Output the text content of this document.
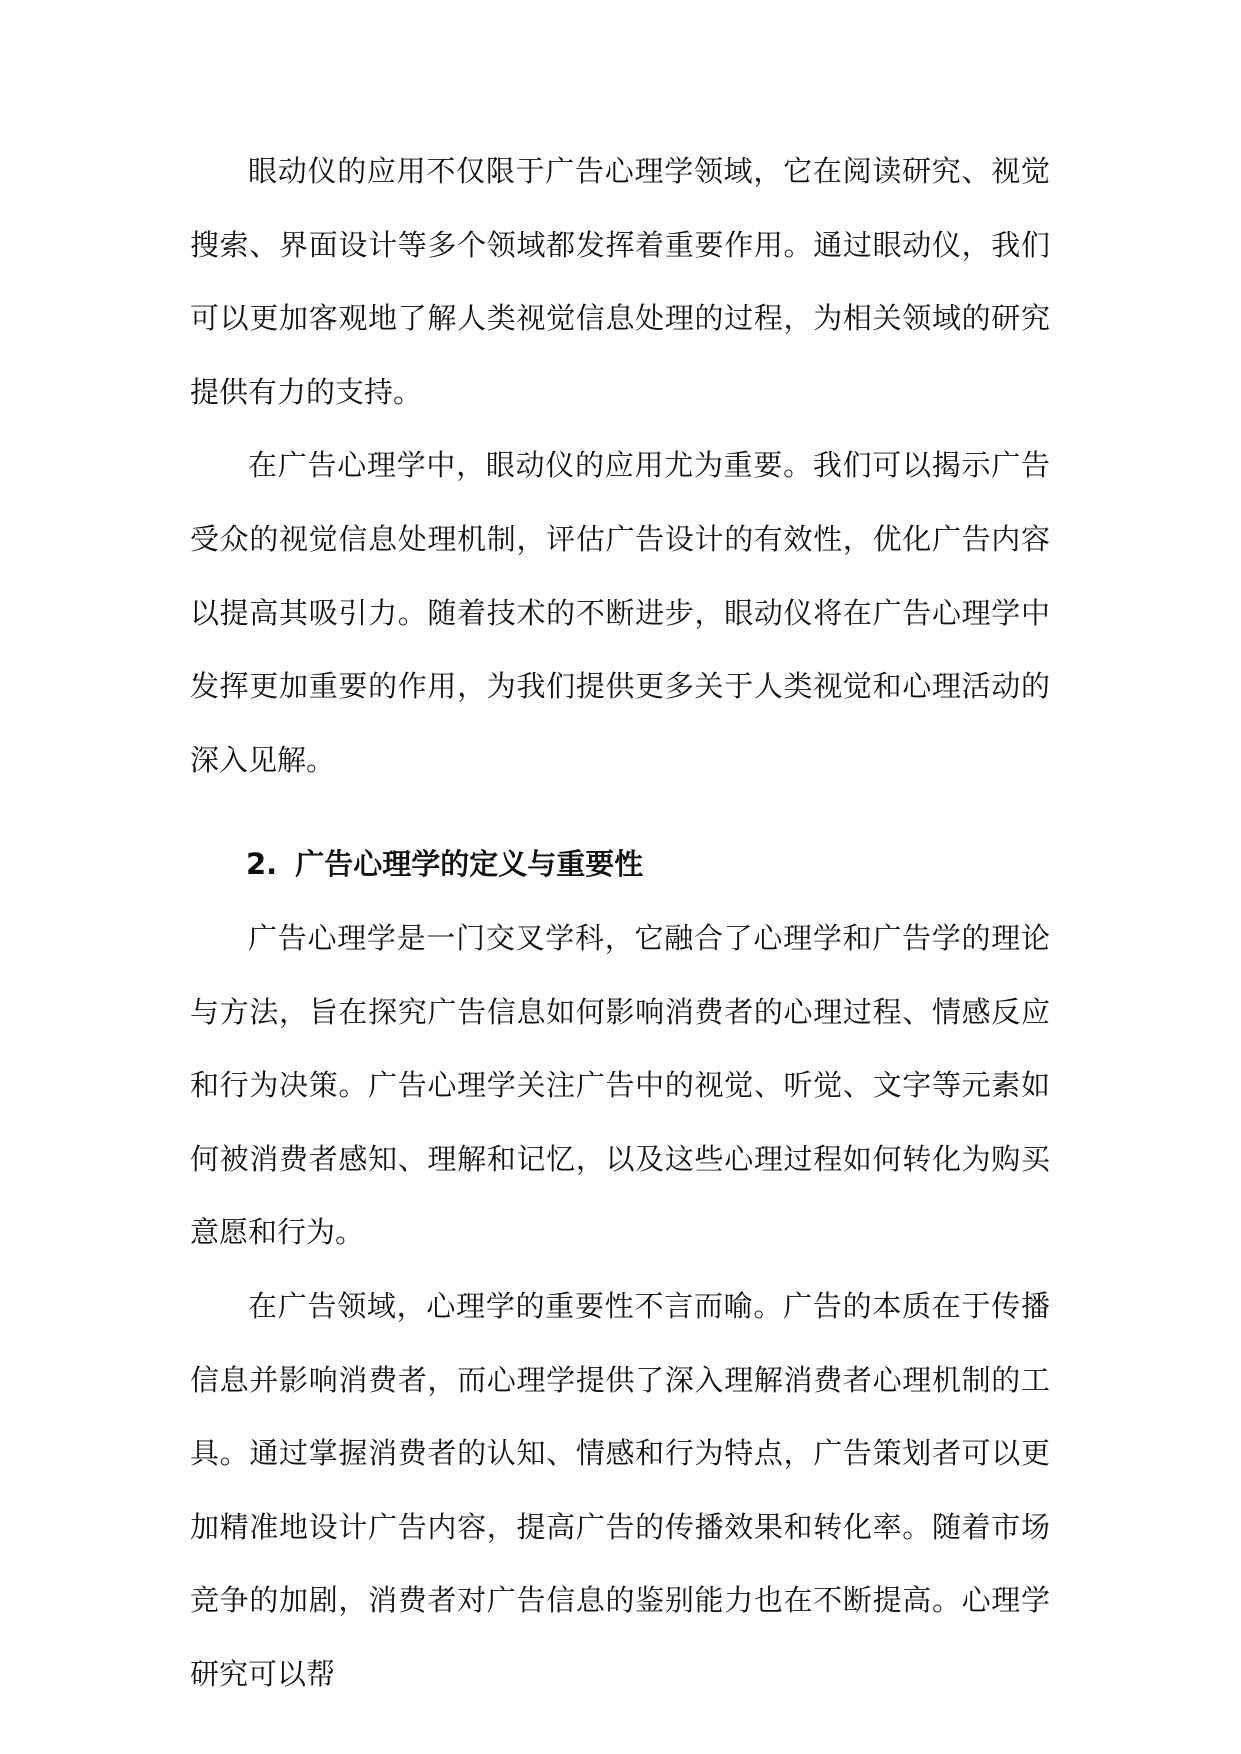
眼动仪的应用不仅限于广告心理学领域，它在阅读研究、视觉搜索、界面设计等多个领域都发挥着重要作用。通过眼动仪，我们可以更加客观地了解人类视觉信息处理的过程，为相关领域的研究提供有力的支持。

在广告心理学中，眼动仪的应用尤为重要。我们可以揭示广告受众的视觉信息处理机制，评估广告设计的有效性，优化广告内容以提高其吸引力。随着技术的不断进步，眼动仪将在广告心理学中发挥更加重要的作用，为我们提供更多关于人类视觉和心理活动的深入见解。

2. 广告心理学的定义与重要性

广告心理学是一门交叉学科，它融合了心理学和广告学的理论与方法，旨在探究广告信息如何影响消费者的心理过程、情感反应和行为决策。广告心理学关注广告中的视觉、听觉、文字等元素如何被消费者感知、理解和记忆，以及这些心理过程如何转化为购买意愿和行为。

在广告领域，心理学的重要性不言而喻。广告的本质在于传播信息并影响消费者，而心理学提供了深入理解消费者心理机制的工具。通过掌握消费者的认知、情感和行为特点，广告策划者可以更加精准地设计广告内容，提高广告的传播效果和转化率。随着市场竞争的加剧，消费者对广告信息的鉴别能力也在不断提高。心理学研究可以帮
